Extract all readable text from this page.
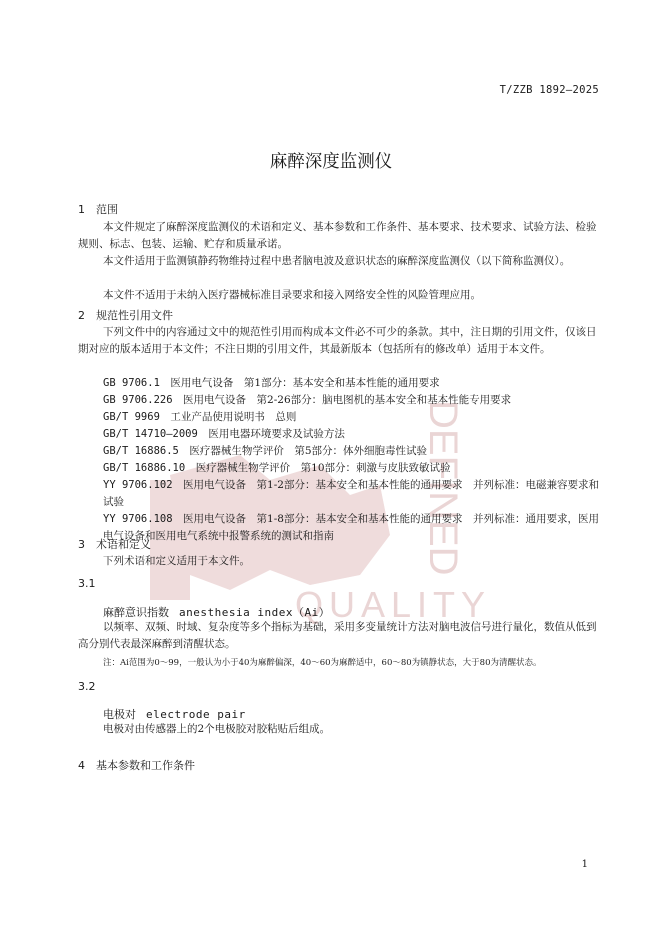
DEFINED
QUALITY
T/ZZB 1892—2025
麻醉深度监测仪
1　范围
本文件规定了麻醉深度监测仪的术语和定义、基本参数和工作条件、基本要求、技术要求、试验方法、检验规则、标志、包装、运输、贮存和质量承诺。
本文件适用于监测镇静药物维持过程中患者脑电波及意识状态的麻醉深度监测仪（以下简称监测仪）。
本文件不适用于未纳入医疗器械标准目录要求和接入网络安全性的风险管理应用。
2　规范性引用文件
下列文件中的内容通过文中的规范性引用而构成本文件必不可少的条款。其中，注日期的引用文件，仅该日期对应的版本适用于本文件；不注日期的引用文件，其最新版本（包括所有的修改单）适用于本文件。
GB 9706.1　 医用电气设备　第1部分：基本安全和基本性能的通用要求
GB 9706.226　 医用电气设备　第2-26部分：脑电图机的基本安全和基本性能专用要求
GB/T 9969　 工业产品使用说明书　总则
GB/T 14710—2009　 医用电器环境要求及试验方法
GB/T 16886.5　 医疗器械生物学评价　第5部分：体外细胞毒性试验
GB/T 16886.10　 医疗器械生物学评价　第10部分：刺激与皮肤致敏试验
YY 9706.102　 医用电气设备　第1-2部分：基本安全和基本性能的通用要求　并列标准：电磁兼容要求和试验
YY 9706.108　 医用电气设备　第1-8部分：基本安全和基本性能的通用要求　并列标准：通用要求，医用电气设备和医用电气系统中报警系统的测试和指南
3　术语和定义
下列术语和定义适用于本文件。
3.1
麻醉意识指数 anesthesia index（Ai）
以频率、双频、时域、复杂度等多个指标为基础，采用多变量统计方法对脑电波信号进行量化，数值从低到高分别代表最深麻醉到清醒状态。
注：Ai范围为0～99，一般认为小于40为麻醉偏深，40～60为麻醉适中，60～80为镇静状态，大于80为清醒状态。
3.2
电极对 electrode pair
电极对由传感器上的2个电极胶对胶粘贴后组成。
4　基本参数和工作条件
1
